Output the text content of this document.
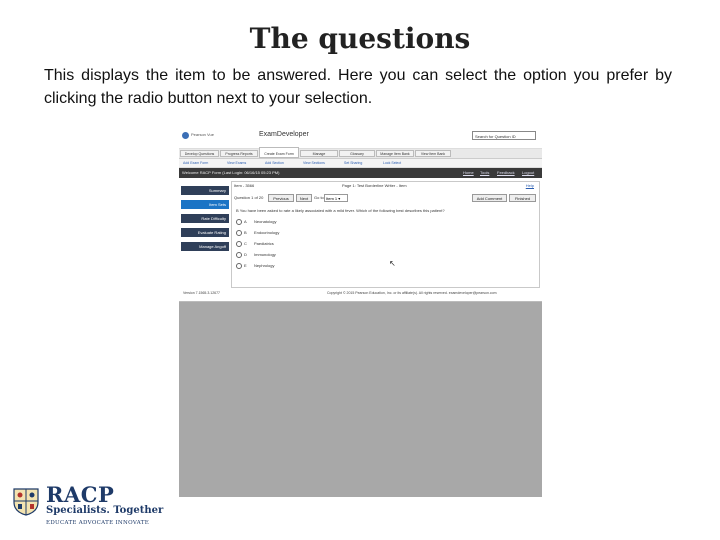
The questions
This displays the item to be answered. Here you can select the option you prefer by clicking the radio button next to your selection.
Pearson Vue	ExamDeveloper	Search for Question ID
Develop Questions	Progress Reports	Create Exam Form	Manage	Glossary	Manage Item Bank	View Item Bank
Add Exam Form	View Exams	Add Section	View Sections	Set Sharing	Lock Select
Welcome RACP Form (Last Login: 06/16/15 05:23 PM)	Home Tools Feedback Logout
Summary
Item Sets
Rate Difficulty
Evaluate Rating
Manage Angoff
Item - 3566	Page 1: Test Borderline Writer - Item	Help
Question 1 of 20	Previous	Next	Go to Item 1 ▾	Add Comment	Finished
B You have been asked to rate a likely associated with a mild fever. Which of the following best describes this patient?
A Neonatology
B Endocrinology
C Paediatrics
D Immunology
E Nephrology	↖
Version 7.1565.3.12677	Copyright © 2015 Pearson Education, Inc. or its affiliate(s). All rights reserved. examdeveloper@pearson.com
RACP
Specialists. Together
EDUCATE ADVOCATE INNOVATE
